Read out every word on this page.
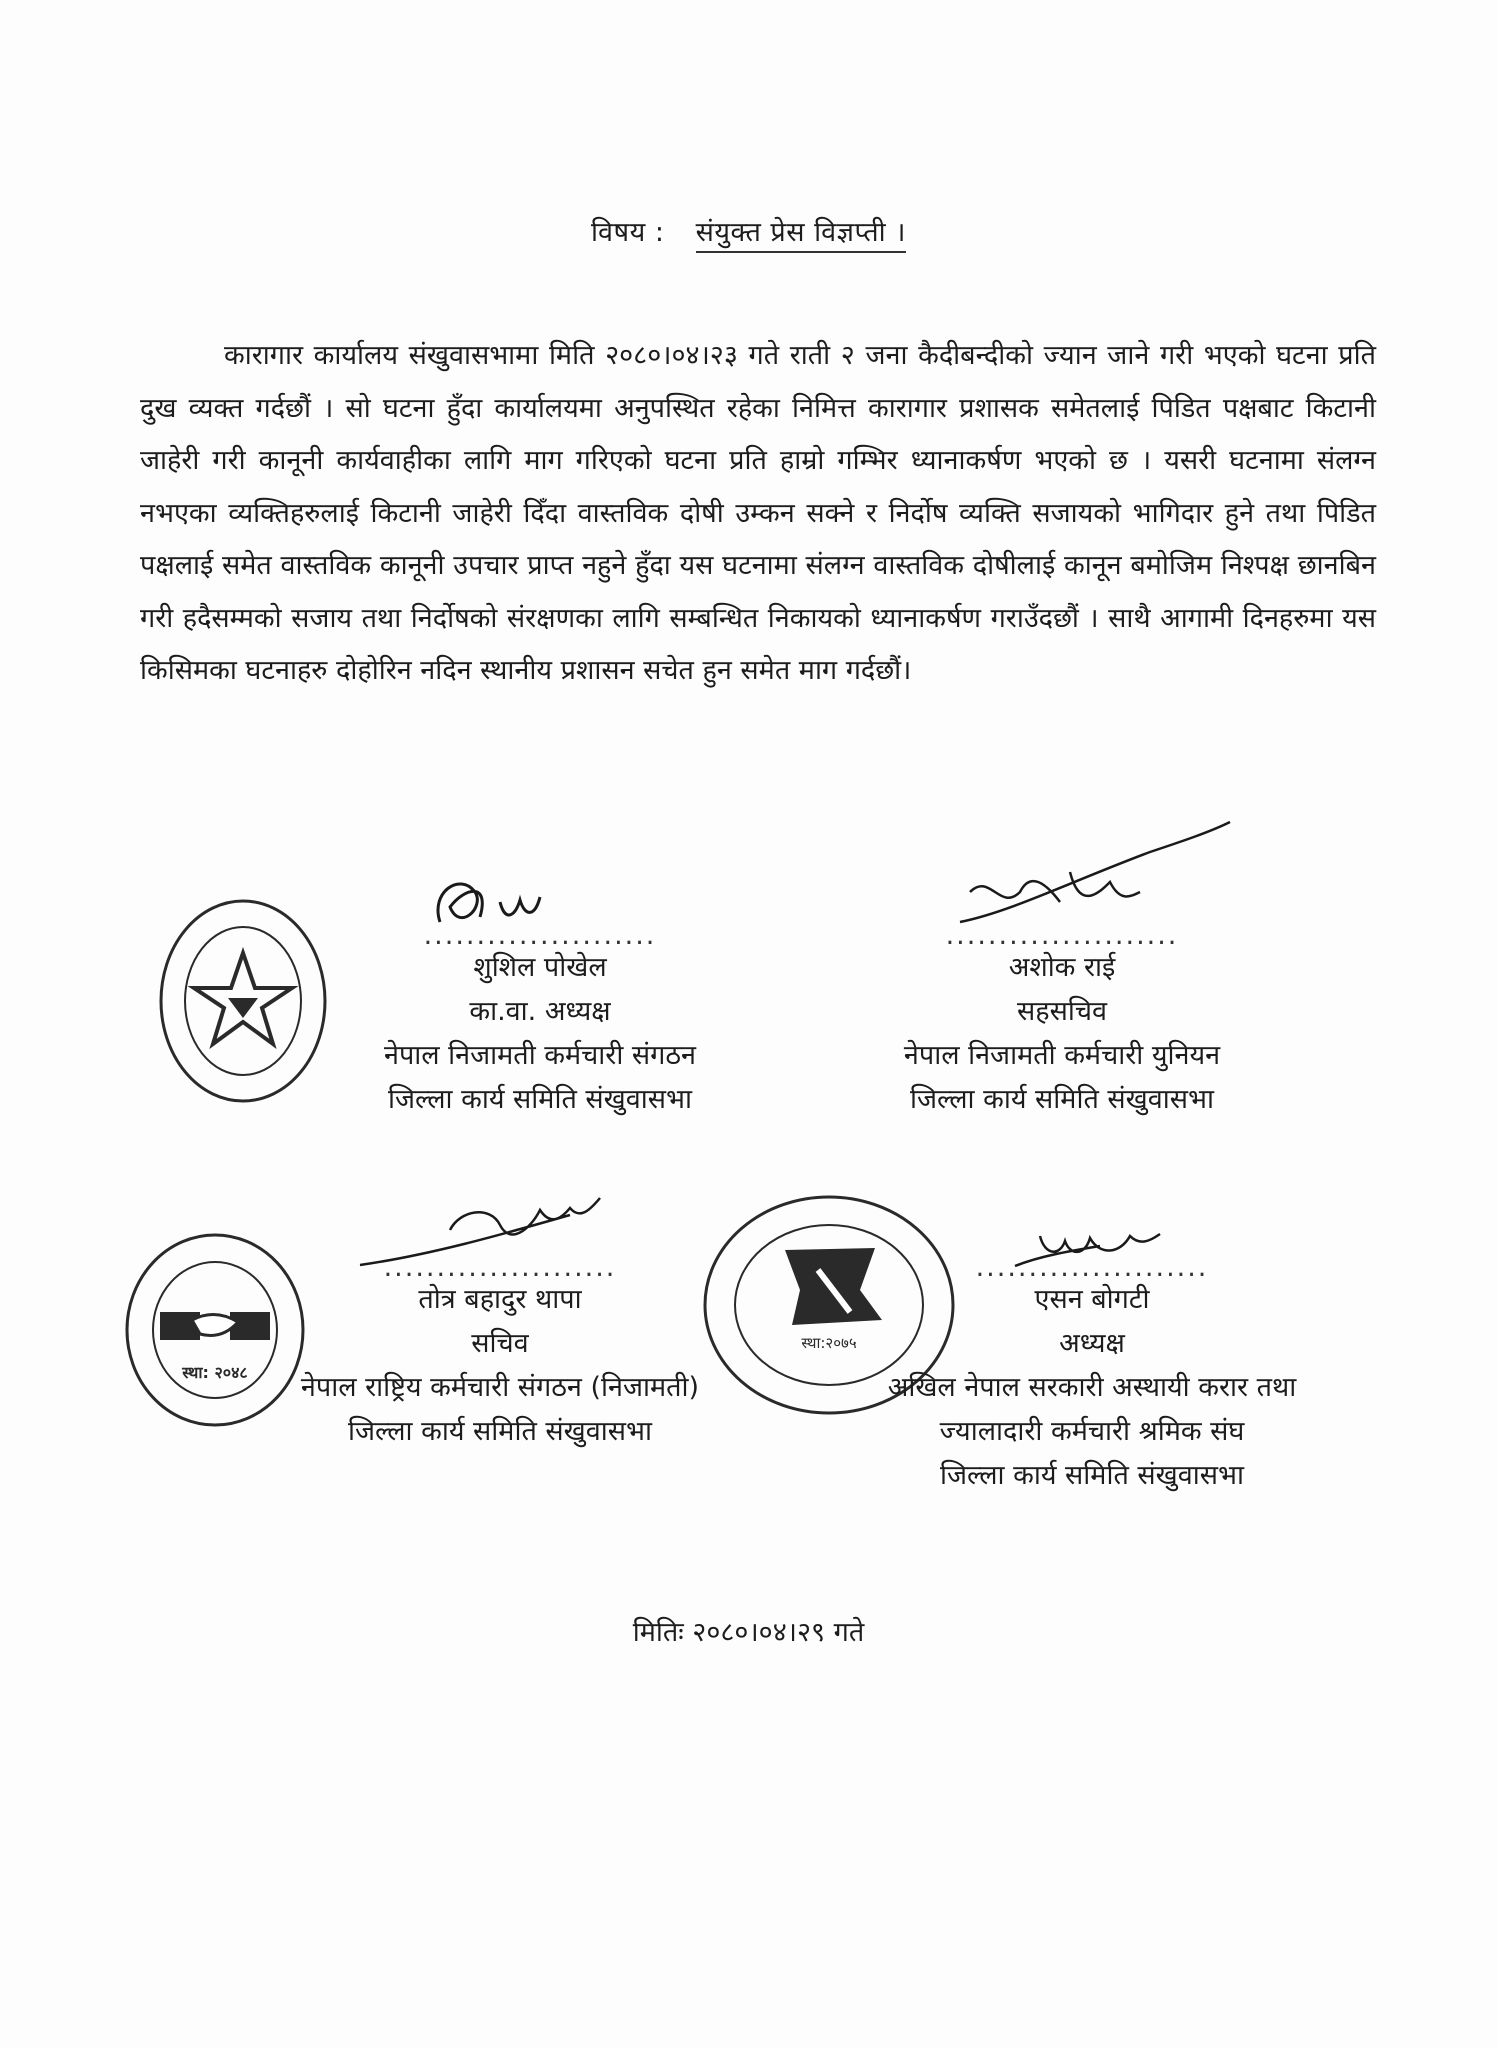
विषय : संयुक्त प्रेस विज्ञप्ती ।

कारागार कार्यालय संखुवासभामा मिति २०८०।०४।२३ गते राती २ जना कैदीबन्दीको ज्यान जाने गरी भएको घटना प्रति दुख व्यक्त गर्दछौं । सो घटना हुँदा कार्यालयमा अनुपस्थित रहेका निमित्त कारागार प्रशासक समेतलाई पिडित पक्षबाट किटानी जाहेरी गरी कानूनी कार्यवाहीका लागि माग गरिएको घटना प्रति हाम्रो गम्भिर ध्यानाकर्षण भएको छ । यसरी घटनामा संलग्न नभएका व्यक्तिहरुलाई किटानी जाहेरी दिँदा वास्तविक दोषी उम्कन सक्ने र निर्दोष व्यक्ति सजायको भागिदार हुने तथा पिडित पक्षलाई समेत वास्तविक कानूनी उपचार प्राप्त नहुने हुँदा यस घटनामा संलग्न वास्तविक दोषीलाई कानून बमोजिम निश्पक्ष छानबिन गरी हदैसम्मको सजाय तथा निर्दोषको संरक्षणका लागि सम्बन्धित निकायको ध्यानाकर्षण गराउँदछौं । साथै आगामी दिनहरुमा यस किसिमका घटनाहरु दोहोरिन नदिन स्थानीय प्रशासन सचेत हुन समेत माग गर्दछौं।

स्था: २०४८
स्था:२०७५
......................
शुशिल पोखेल
का.वा. अध्यक्ष
नेपाल निजामती कर्मचारी संगठन
जिल्ला कार्य समिति संखुवासभा
......................
अशोक राई
सहसचिव
नेपाल निजामती कर्मचारी युनियन
जिल्ला कार्य समिति संखुवासभा
......................
तोत्र बहादुर थापा
सचिव
नेपाल राष्ट्रिय कर्मचारी संगठन (निजामती)
जिल्ला कार्य समिति संखुवासभा
......................
एसन बोगटी
अध्यक्ष
अखिल नेपाल सरकारी अस्थायी करार तथा
ज्यालादारी कर्मचारी श्रमिक संघ
जिल्ला कार्य समिति संखुवासभा
मितिः २०८०।०४।२९ गते
